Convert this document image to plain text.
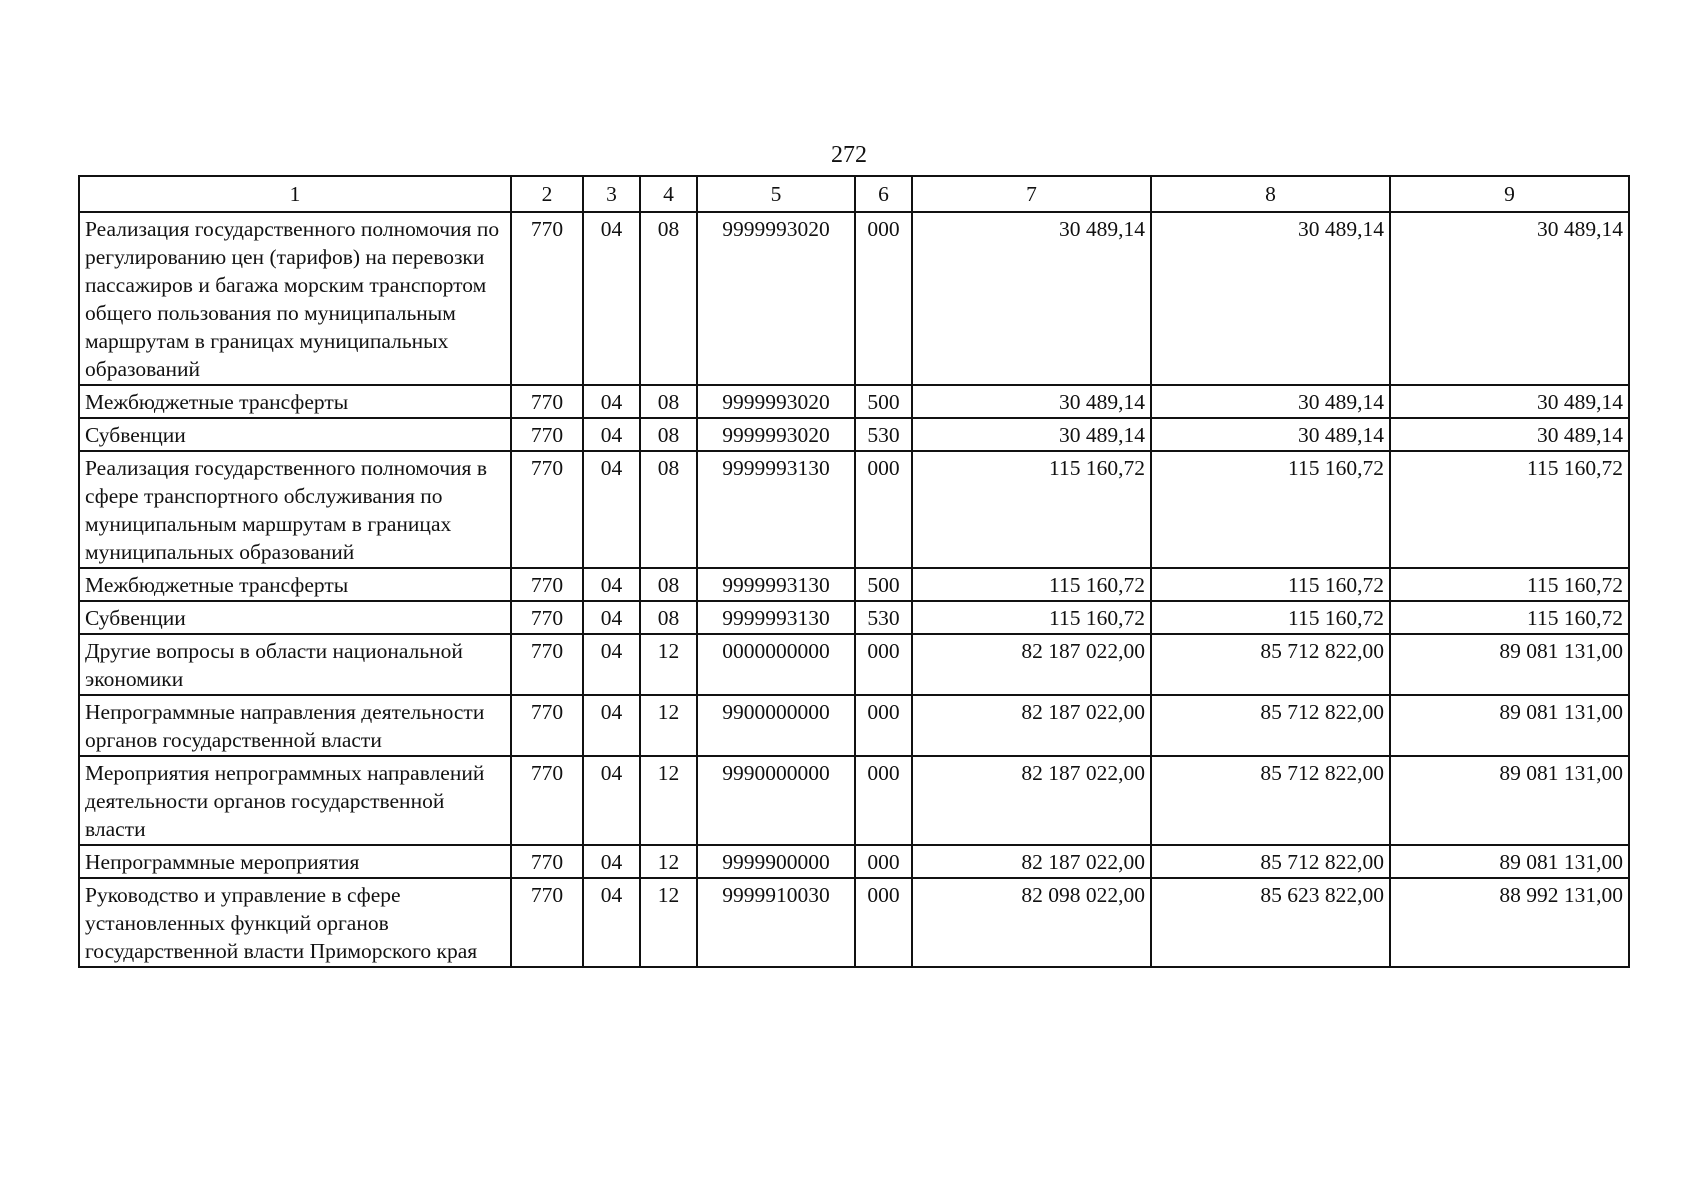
272
1	2	3	4	5	6	7	8	9
Реализация государственного полномочия по регулированию цен (тарифов) на перевозки пассажиров и багажа морским транспортом общего пользования по муниципальным маршрутам в границах муниципальных образований	770	04	08	9999993020	000	30 489,14	30 489,14	30 489,14
Межбюджетные трансферты	770	04	08	9999993020	500	30 489,14	30 489,14	30 489,14
Субвенции	770	04	08	9999993020	530	30 489,14	30 489,14	30 489,14
Реализация государственного полномочия в сфере транспортного обслуживания по муниципальным маршрутам в границах муниципальных образований	770	04	08	9999993130	000	115 160,72	115 160,72	115 160,72
Межбюджетные трансферты	770	04	08	9999993130	500	115 160,72	115 160,72	115 160,72
Субвенции	770	04	08	9999993130	530	115 160,72	115 160,72	115 160,72
Другие вопросы в области национальной экономики	770	04	12	0000000000	000	82 187 022,00	85 712 822,00	89 081 131,00
Непрограммные направления деятельности органов государственной власти	770	04	12	9900000000	000	82 187 022,00	85 712 822,00	89 081 131,00
Мероприятия непрограммных направлений деятельности органов государственной власти	770	04	12	9990000000	000	82 187 022,00	85 712 822,00	89 081 131,00
Непрограммные мероприятия	770	04	12	9999900000	000	82 187 022,00	85 712 822,00	89 081 131,00
Руководство и управление в сфере установленных функций органов государственной власти Приморского края	770	04	12	9999910030	000	82 098 022,00	85 623 822,00	88 992 131,00
